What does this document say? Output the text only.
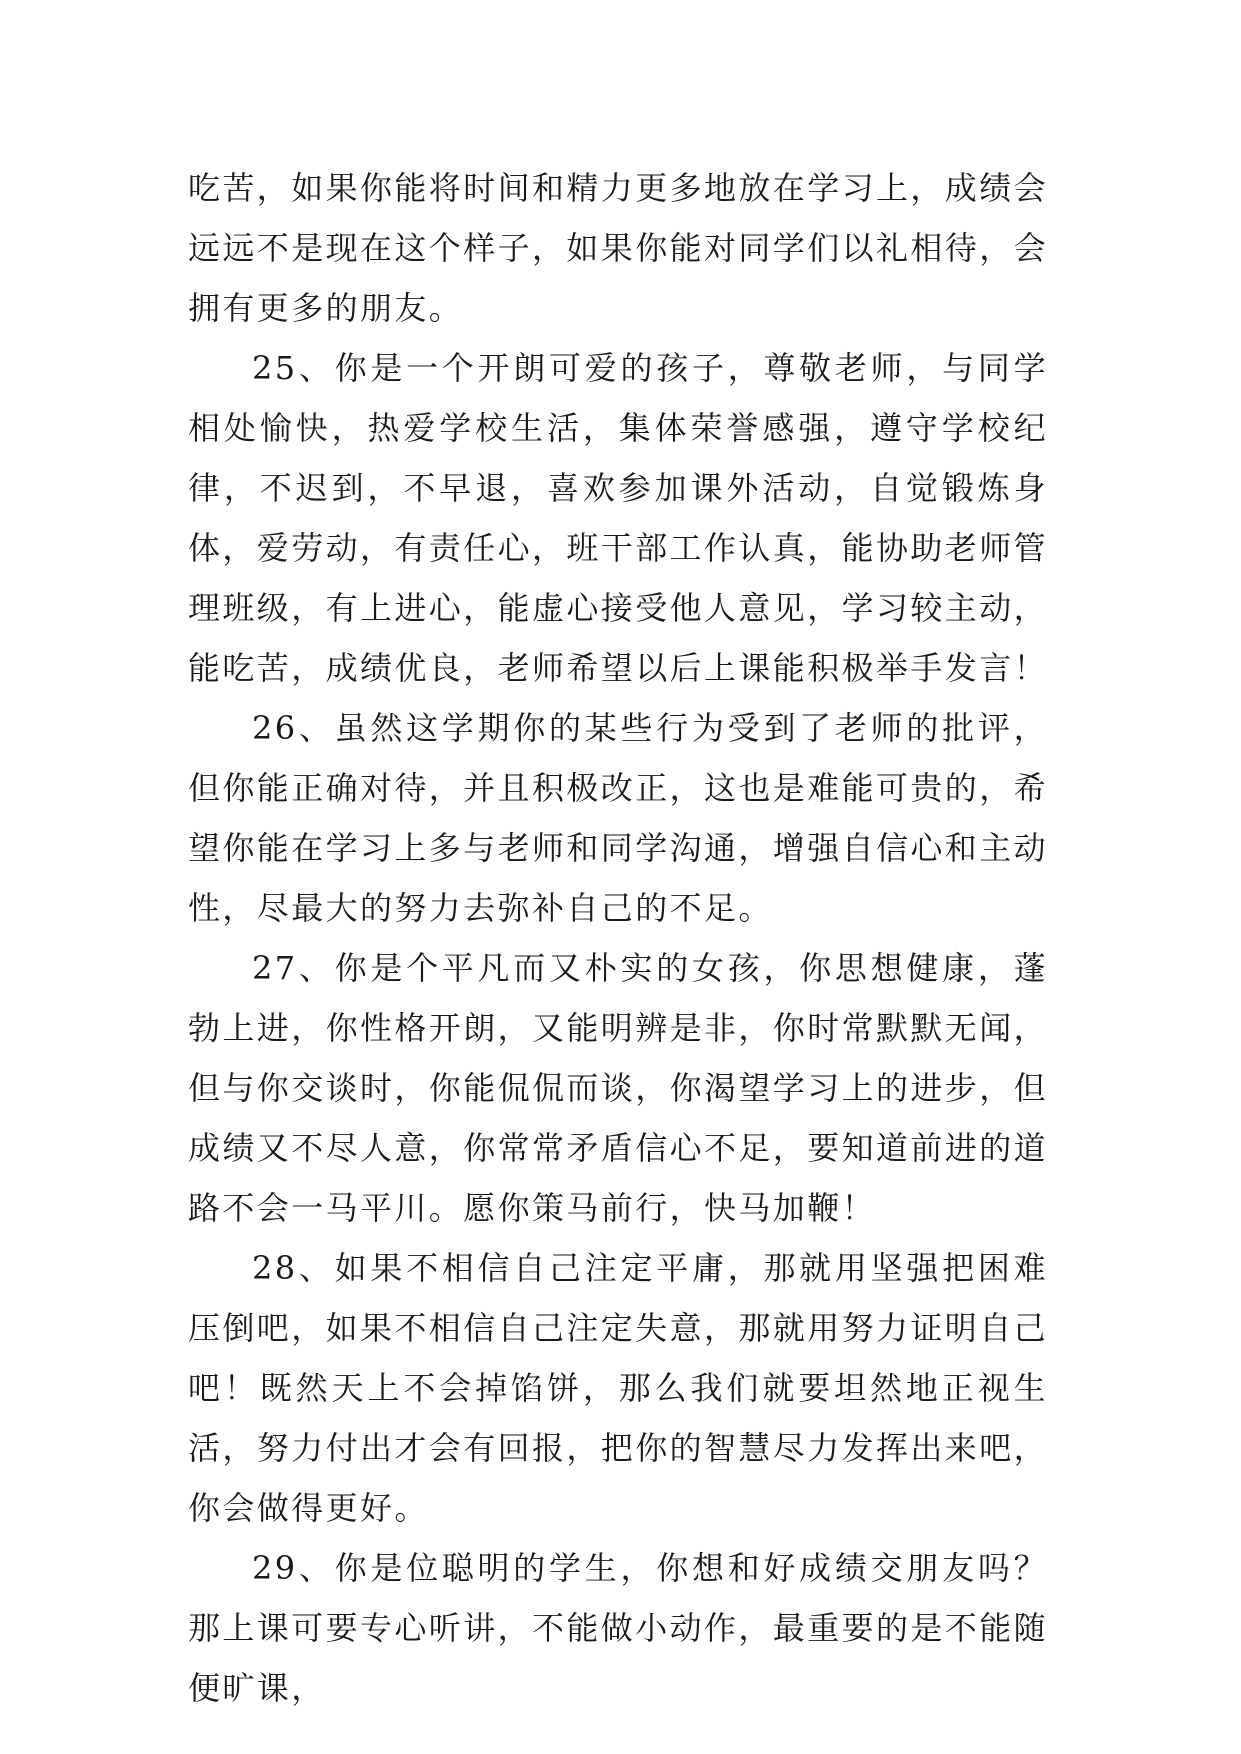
吃苦，如果你能将时间和精力更多地放在学习上，成绩会远远不是现在这个样子，如果你能对同学们以礼相待，会拥有更多的朋友。

25、你是一个开朗可爱的孩子，尊敬老师，与同学相处愉快，热爱学校生活，集体荣誉感强，遵守学校纪律，不迟到，不早退，喜欢参加课外活动，自觉锻炼身体，爱劳动，有责任心，班干部工作认真，能协助老师管理班级，有上进心，能虚心接受他人意见，学习较主动，能吃苦，成绩优良，老师希望以后上课能积极举手发言！

26、虽然这学期你的某些行为受到了老师的批评，但你能正确对待，并且积极改正，这也是难能可贵的，希望你能在学习上多与老师和同学沟通，增强自信心和主动性，尽最大的努力去弥补自己的不足。

27、你是个平凡而又朴实的女孩，你思想健康，蓬勃上进，你性格开朗，又能明辨是非，你时常默默无闻，但与你交谈时，你能侃侃而谈，你渴望学习上的进步，但成绩又不尽人意，你常常矛盾信心不足，要知道前进的道路不会一马平川。愿你策马前行，快马加鞭！

28、如果不相信自己注定平庸，那就用坚强把困难压倒吧，如果不相信自己注定失意，那就用努力证明自己吧！既然天上不会掉馅饼，那么我们就要坦然地正视生活，努力付出才会有回报，把你的智慧尽力发挥出来吧，你会做得更好。

29、你是位聪明的学生，你想和好成绩交朋友吗？那上课可要专心听讲，不能做小动作，最重要的是不能随便旷课，
